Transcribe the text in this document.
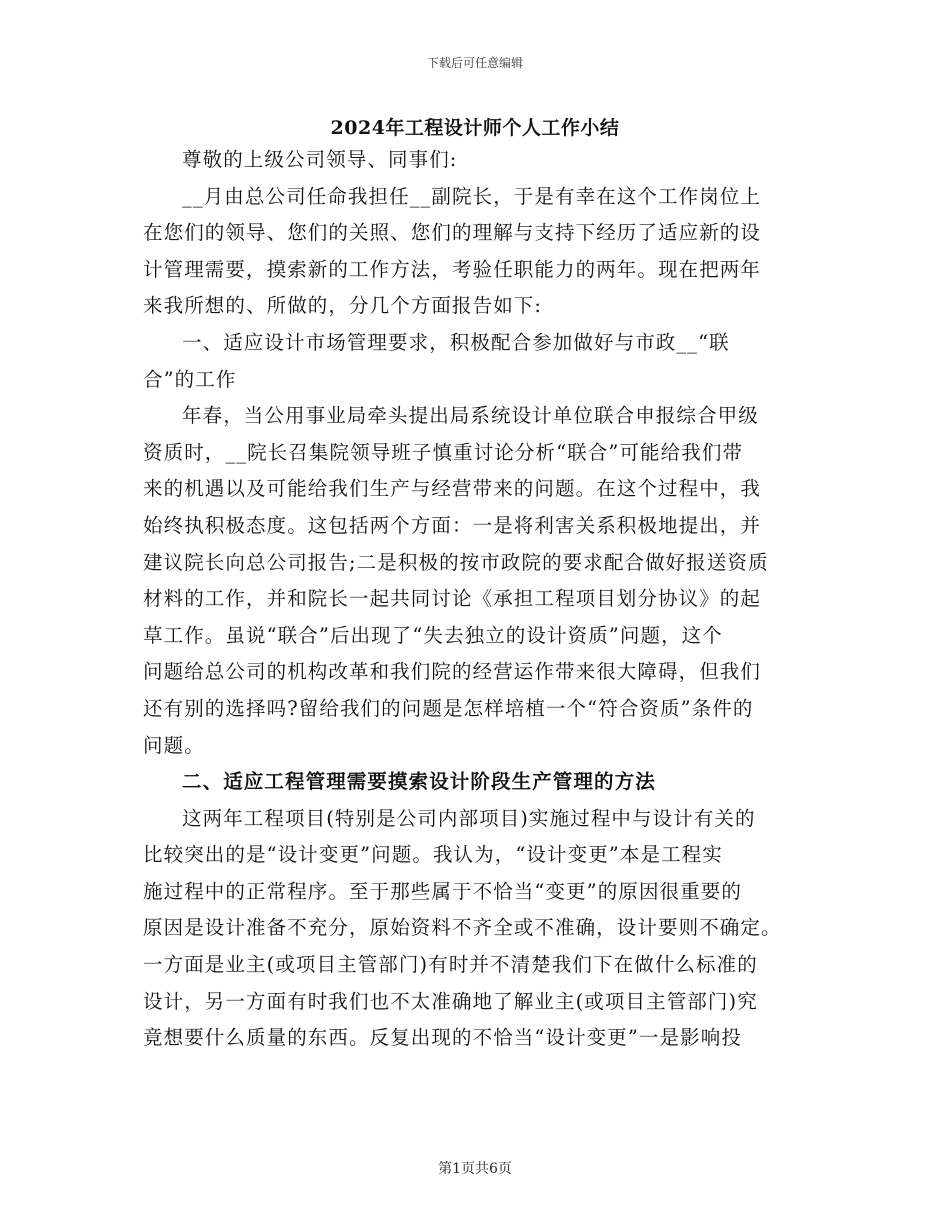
下载后可任意编辑
2024年工程设计师个人工作小结
尊敬的上级公司领导、同事们:
__月由总公司任命我担任__副院长，于是有幸在这个工作岗位上
在您们的领导、您们的关照、您们的理解与支持下经历了适应新的设
计管理需要，摸索新的工作方法，考验任职能力的两年。现在把两年
来我所想的、所做的，分几个方面报告如下:
一、适应设计市场管理要求，积极配合参加做好与市政__“联
合”的工作
年春，当公用事业局牵头提出局系统设计单位联合申报综合甲级
资质时，__院长召集院领导班子慎重讨论分析“联合”可能给我们带
来的机遇以及可能给我们生产与经营带来的问题。在这个过程中，我
始终执积极态度。这包括两个方面：一是将利害关系积极地提出，并
建议院长向总公司报告;二是积极的按市政院的要求配合做好报送资质
材料的工作，并和院长一起共同讨论《承担工程项目划分协议》的起
草工作。虽说“联合”后出现了“失去独立的设计资质”问题，这个
问题给总公司的机构改革和我们院的经营运作带来很大障碍，但我们
还有别的选择吗?留给我们的问题是怎样培植一个“符合资质”条件的
问题。
二、适应工程管理需要摸索设计阶段生产管理的方法
这两年工程项目(特别是公司内部项目)实施过程中与设计有关的
比较突出的是“设计变更”问题。我认为，“设计变更”本是工程实
施过程中的正常程序。至于那些属于不恰当“变更”的原因很重要的
原因是设计准备不充分，原始资料不齐全或不准确，设计要则不确定。
一方面是业主(或项目主管部门)有时并不清楚我们下在做什么标准的
设计，另一方面有时我们也不太准确地了解业主(或项目主管部门)究
竟想要什么质量的东西。反复出现的不恰当“设计变更”一是影响投
第1页共6页
